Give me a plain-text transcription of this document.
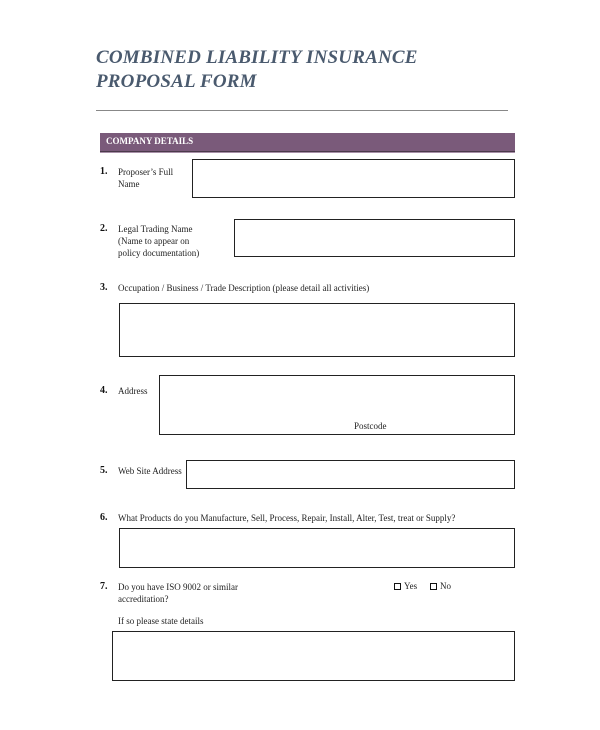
COMBINED LIABILITY INSURANCE
PROPOSAL FORM
COMPANY DETAILS
1. Proposer’s Full
Name
2. Legal Trading Name
(Name to appear on
policy documentation)
3. Occupation / Business / Trade Description (please detail all activities)
4. Address
Postcode
5. Web Site Address
6. What Products do you Manufacture, Sell, Process, Repair, Install, Alter, Test, treat or Supply?
7. Do you have ISO 9002 or similar
accreditation?
Yes	No
If so please state details
